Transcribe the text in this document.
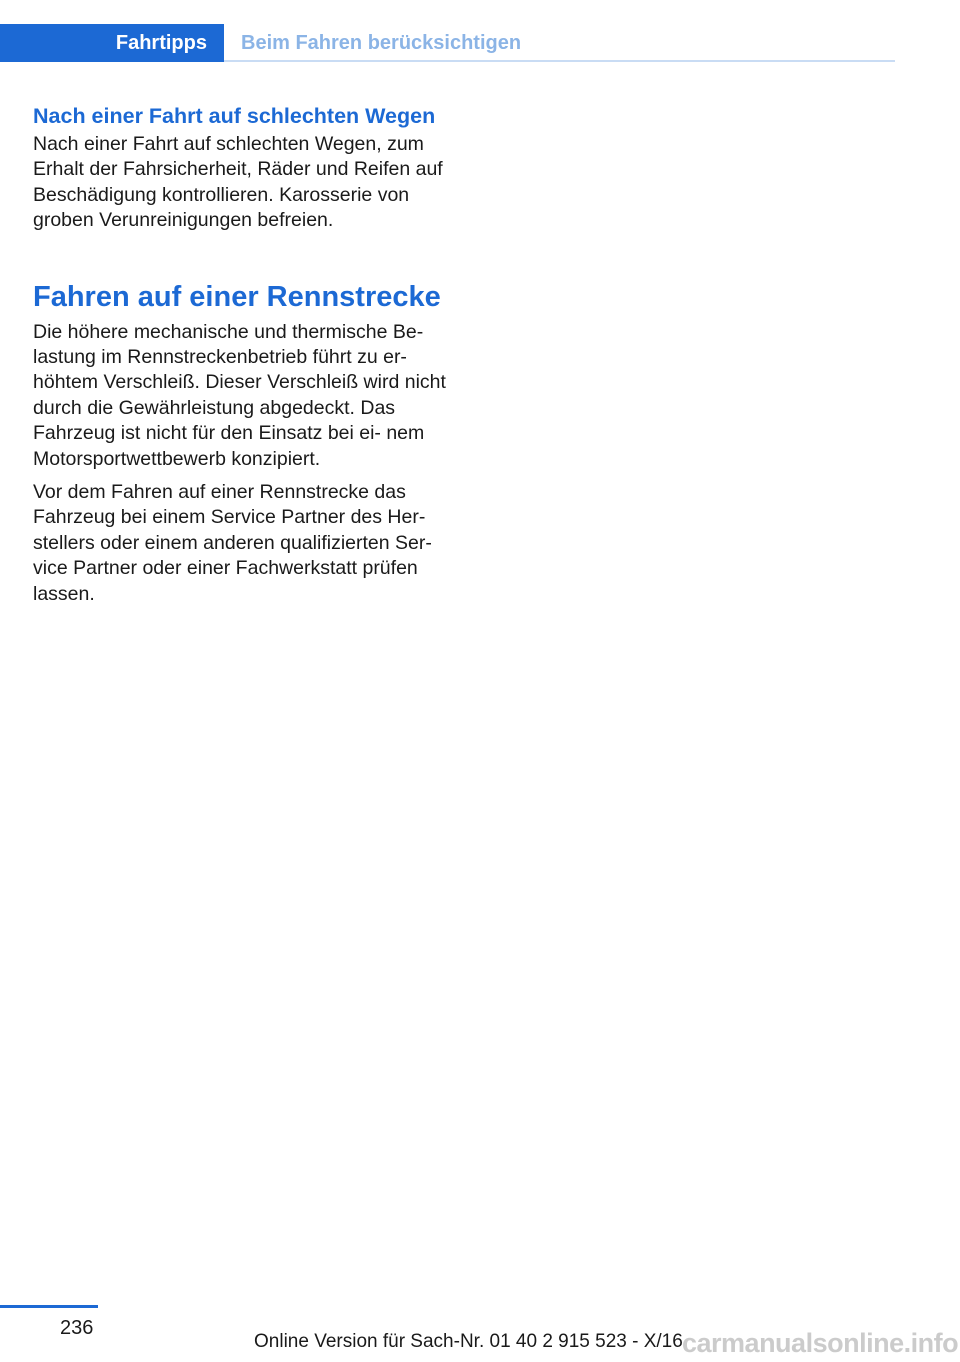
Fahrtipps	Beim Fahren berücksichtigen
Nach einer Fahrt auf schlechten Wegen

Nach einer Fahrt auf schlechten Wegen, zum Erhalt der Fahrsicherheit, Räder und Reifen auf Beschädigung kontrollieren. Karosserie von groben Verunreinigungen befreien.

Fahren auf einer Rennstrecke

Die höhere mechanische und thermische Be‐ lastung im Rennstreckenbetrieb führt zu er‐ höhtem Verschleiß. Dieser Verschleiß wird nicht durch die Gewährleistung abgedeckt. Das Fahrzeug ist nicht für den Einsatz bei ei‐ nem Motorsportwettbewerb konzipiert.

Vor dem Fahren auf einer Rennstrecke das Fahrzeug bei einem Service Partner des Her‐ stellers oder einem anderen qualifizierten Ser‐ vice Partner oder einer Fachwerkstatt prüfen lassen.

236
Online Version für Sach-Nr. 01 40 2 915 523 - X/16 carmanualsonline.info
